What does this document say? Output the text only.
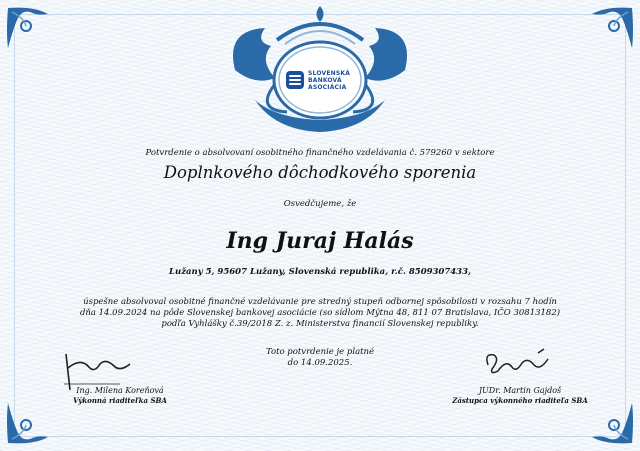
SLOVENSKÁ
BANKOVÁ
ASOCIÁCIA
Potvrdenie o absolvovaní osobitného finančného vzdelávania č. 579260 v sektore
Doplnkového dôchodkového sporenia
Osvedčujeme, že
Ing Juraj Halás
Lužany 5, 95607 Lužany, Slovenská republika, r.č. 8509307433,
úspešne absolvoval osobitné finančné vzdelávanie pre stredný stupeň odbornej spôsobilosti v rozsahu 7 hodín
dňa 14.09.2024 na pôde Slovenskej bankovej asociácie (so sídlom Mýtna 48, 811 07 Bratislava, IČO 30813182)
podľa Vyhlášky č.39/2018 Z. z. Ministerstva financií Slovenskej republiky.
Toto potvrdenie je platné
do 14.09.2025.
Ing. Milena Koreňová
Výkonná riaditeľka SBA
JUDr. Martin Gajdoš
Zástupca výkonného riaditeľa SBA
